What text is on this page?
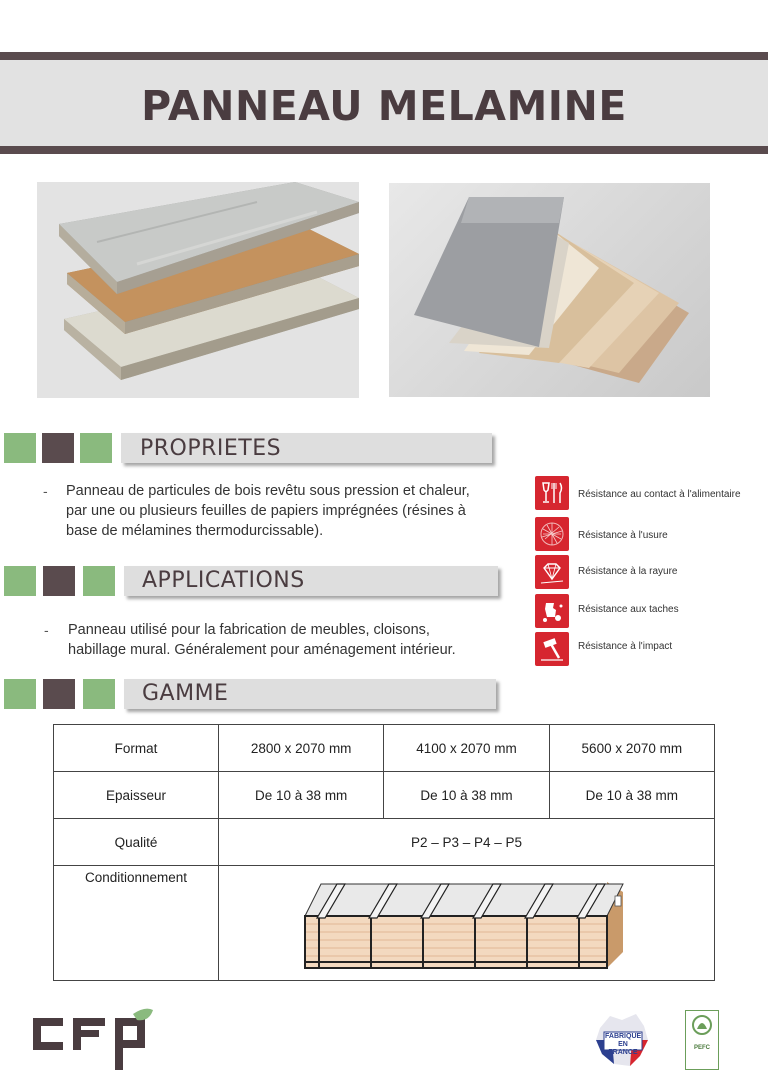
PANNEAU MELAMINE
PROPRIETES
- Panneau de particules de bois revêtu sous pression et chaleur,
par une ou plusieurs feuilles de papiers imprégnées (résines à
base de mélamines thermodurcissable).
APPLICATIONS
- Panneau utilisé pour la fabrication de meubles, cloisons,
habillage mural. Généralement pour aménagement intérieur.
GAMME
Résistance au contact à l'alimentaire
Résistance à l'usure
Résistance à la rayure
Résistance aux taches
Résistance à l'impact
Format	2800 x 2070 mm	4100 x 2070 mm	5600 x 2070 mm
Epaisseur	De 10 à 38 mm	De 10 à 38 mm	De 10 à 38 mm
Qualité	P2 – P3 – P4 – P5		
Conditionnement	
FABRIQUÉ
EN FRANCE
PEFC
